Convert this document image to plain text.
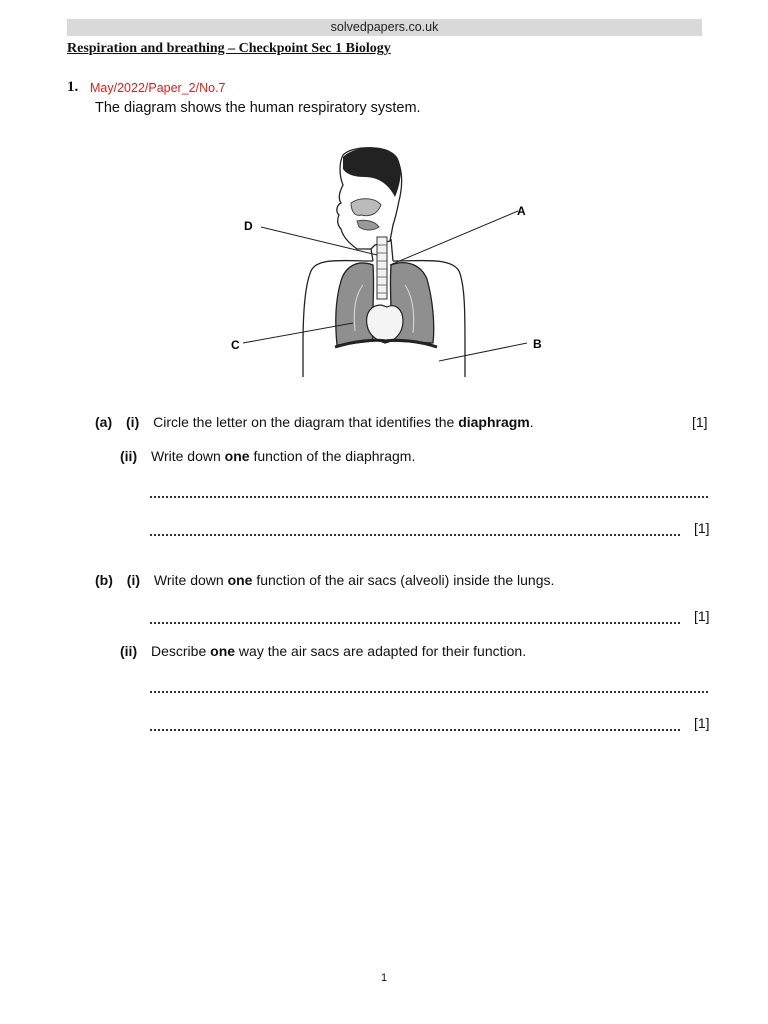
solvedpapers.co.uk
Respiration and breathing – Checkpoint Sec 1 Biology
1. May/2022/Paper_2/No.7
The diagram shows the human respiratory system.
A
B
C
D
(a) (i) Circle the letter on the diagram that identifies the diaphragm.	[1]
(ii) Write down one function of the diaphragm.
[1]
(b) (i) Write down one function of the air sacs (alveoli) inside the lungs.
[1]
(ii) Describe one way the air sacs are adapted for their function.
[1]
1
